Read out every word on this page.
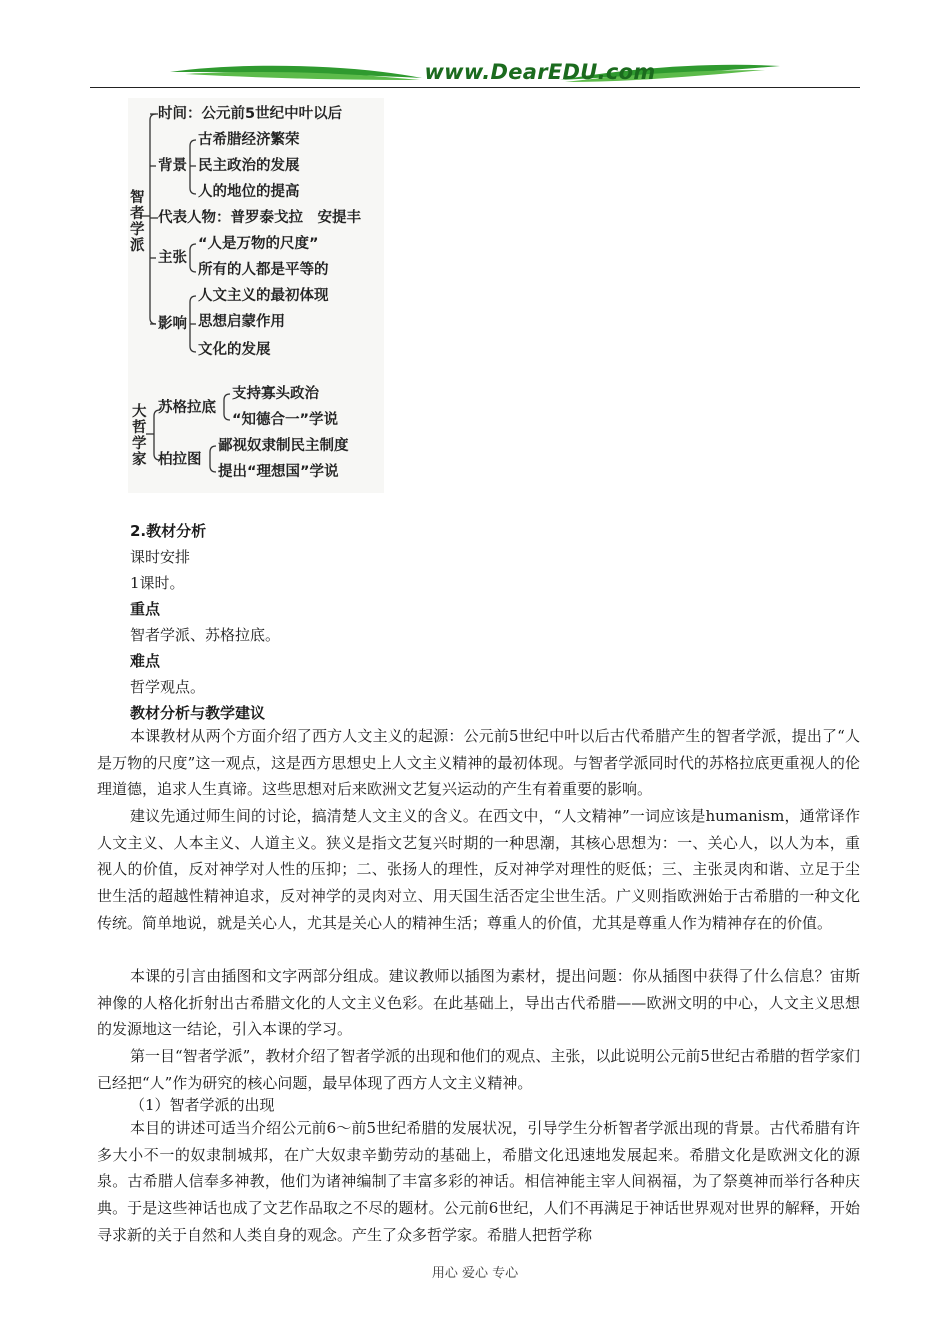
www.DearEDU.com
智者学派
时间：公元前5世纪中叶以后
背景
古希腊经济繁荣
民主政治的发展
人的地位的提高
代表人物：普罗泰戈拉　安提丰
主张
“人是万物的尺度”
所有的人都是平等的
影响
人文主义的最初体现
思想启蒙作用
文化的发展
大哲学家
苏格拉底
支持寡头政治
“知德合一”学说
柏拉图
鄙视奴隶制民主制度
提出“理想国”学说
2.教材分析
课时安排
1课时。
重点
智者学派、苏格拉底。
难点
哲学观点。
教材分析与教学建议
本课教材从两个方面介绍了西方人文主义的起源：公元前5世纪中叶以后古代希腊产生的智者学派，提出了“人是万物的尺度”这一观点，这是西方思想史上人文主义精神的最初体现。与智者学派同时代的苏格拉底更重视人的伦理道德，追求人生真谛。这些思想对后来欧洲文艺复兴运动的产生有着重要的影响。
建议先通过师生间的讨论，搞清楚人文主义的含义。在西文中，“人文精神”一词应该是humanism，通常译作人文主义、人本主义、人道主义。狭义是指文艺复兴时期的一种思潮，其核心思想为：一、关心人，以人为本，重视人的价值，反对神学对人性的压抑；二、张扬人的理性，反对神学对理性的贬低；三、主张灵肉和谐、立足于尘世生活的超越性精神追求，反对神学的灵肉对立、用天国生活否定尘世生活。广义则指欧洲始于古希腊的一种文化传统。简单地说，就是关心人，尤其是关心人的精神生活；尊重人的价值，尤其是尊重人作为精神存在的价值。
本课的引言由插图和文字两部分组成。建议教师以插图为素材，提出问题：你从插图中获得了什么信息？宙斯神像的人格化折射出古希腊文化的人文主义色彩。在此基础上，导出古代希腊——欧洲文明的中心，人文主义思想的发源地这一结论，引入本课的学习。
第一目“智者学派”，教材介绍了智者学派的出现和他们的观点、主张，以此说明公元前5世纪古希腊的哲学家们已经把“人”作为研究的核心问题，最早体现了西方人文主义精神。
（1）智者学派的出现
本目的讲述可适当介绍公元前6～前5世纪希腊的发展状况，引导学生分析智者学派出现的背景。古代希腊有许多大小不一的奴隶制城邦，在广大奴隶辛勤劳动的基础上，希腊文化迅速地发展起来。希腊文化是欧洲文化的源泉。古希腊人信奉多神教，他们为诸神编制了丰富多彩的神话。相信神能主宰人间祸福，为了祭奠神而举行各种庆典。于是这些神话也成了文艺作品取之不尽的题材。公元前6世纪，人们不再满足于神话世界观对世界的解释，开始寻求新的关于自然和人类自身的观念。产生了众多哲学家。希腊人把哲学称
用心 爱心 专心
